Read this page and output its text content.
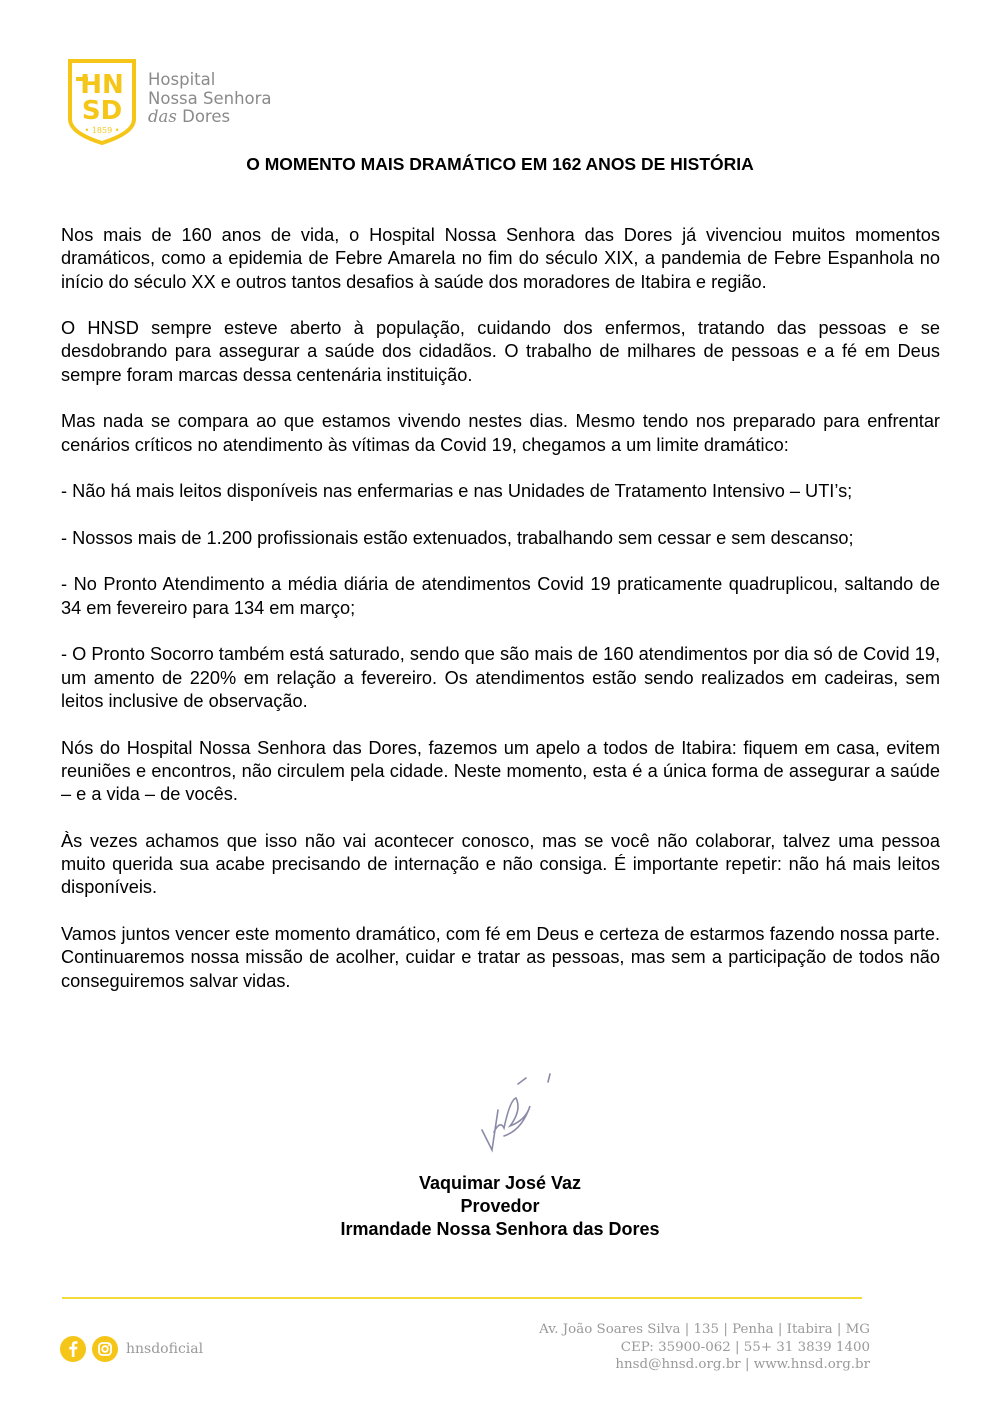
HN
SD
• 1859 •
Hospital
Nossa Senhora
das Dores
O MOMENTO MAIS DRAMÁTICO EM 162 ANOS DE HISTÓRIA

Nos mais de 160 anos de vida, o Hospital Nossa Senhora das Dores já vivenciou muitos momentos dramáticos, como a epidemia de Febre Amarela no fim do século XIX, a pandemia de Febre Espanhola no início do século XX e outros tantos desafios à saúde dos moradores de Itabira e região.

O HNSD sempre esteve aberto à população, cuidando dos enfermos, tratando das pessoas e se desdobrando para assegurar a saúde dos cidadãos. O trabalho de milhares de pessoas e a fé em Deus sempre foram marcas dessa centenária instituição.

Mas nada se compara ao que estamos vivendo nestes dias. Mesmo tendo nos preparado para enfrentar cenários críticos no atendimento às vítimas da Covid 19, chegamos a um limite dramático:

- Não há mais leitos disponíveis nas enfermarias e nas Unidades de Tratamento Intensivo – UTI’s;

- Nossos mais de 1.200 profissionais estão extenuados, trabalhando sem cessar e sem descanso;

- No Pronto Atendimento a média diária de atendimentos Covid 19 praticamente quadruplicou, saltando de 34 em fevereiro para 134 em março;

- O Pronto Socorro também está saturado, sendo que são mais de 160 atendimentos por dia só de Covid 19, um amento de 220% em relação a fevereiro. Os atendimentos estão sendo realizados em cadeiras, sem leitos inclusive de observação.

Nós do Hospital Nossa Senhora das Dores, fazemos um apelo a todos de Itabira: fiquem em casa, evitem reuniões e encontros, não circulem pela cidade. Neste momento, esta é a única forma de assegurar a saúde – e a vida – de vocês.

Às vezes achamos que isso não vai acontecer conosco, mas se você não colaborar, talvez uma pessoa muito querida sua acabe precisando de internação e não consiga. É importante repetir: não há mais leitos disponíveis.

Vamos juntos vencer este momento dramático, com fé em Deus e certeza de estarmos fazendo nossa parte. Continuaremos nossa missão de acolher, cuidar e tratar as pessoas, mas sem a participação de todos não conseguiremos salvar vidas.

Vaquimar José Vaz
Provedor
Irmandade Nossa Senhora das Dores
hnsdoficial
Av. João Soares Silva | 135 | Penha | Itabira | MG
CEP: 35900-062 | 55+ 31 3839 1400
hnsd@hnsd.org.br | www.hnsd.org.br
